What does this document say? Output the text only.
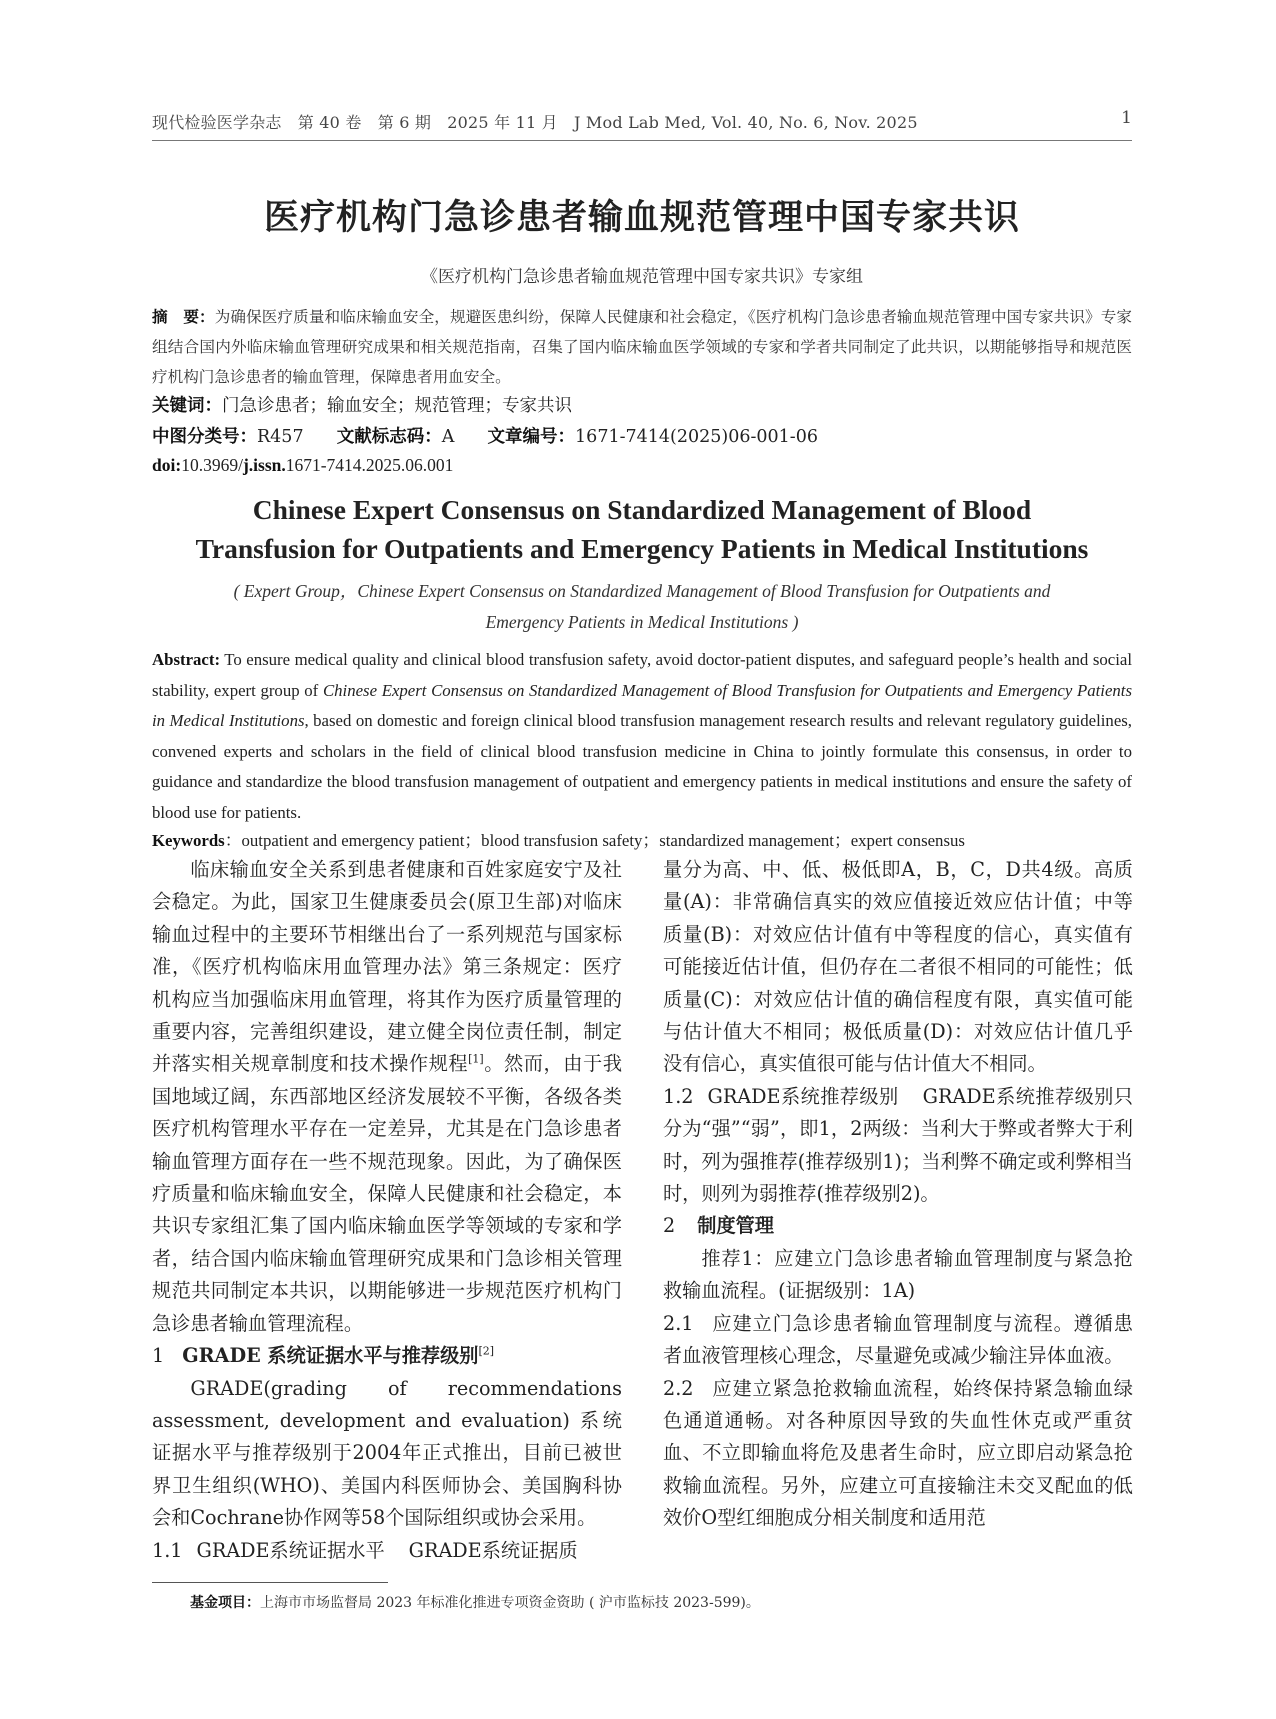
现代检验医学杂志　第 40 卷　第 6 期　2025 年 11 月　J Mod Lab Med, Vol. 40, No. 6, Nov. 2025	1
医疗机构门急诊患者输血规范管理中国专家共识
《医疗机构门急诊患者输血规范管理中国专家共识》专家组
摘　要：为确保医疗质量和临床输血安全，规避医患纠纷，保障人民健康和社会稳定，《医疗机构门急诊患者输血规范管理中国专家共识》专家组结合国内外临床输血管理研究成果和相关规范指南，召集了国内临床输血医学领域的专家和学者共同制定了此共识，以期能够指导和规范医疗机构门急诊患者的输血管理，保障患者用血安全。
关键词：门急诊患者；输血安全；规范管理；专家共识
中图分类号：R457 文献标志码：A 文章编号：1671-7414(2025)06-001-06
doi:10.3969/j.issn.1671-7414.2025.06.001
Chinese Expert Consensus on Standardized Management of Blood
Transfusion for Outpatients and Emergency Patients in Medical Institutions
( Expert Group，Chinese Expert Consensus on Standardized Management of Blood Transfusion for Outpatients and
Emergency Patients in Medical Institutions )
Abstract: To ensure medical quality and clinical blood transfusion safety, avoid doctor-patient disputes, and safeguard people’s health and social stability, expert group of Chinese Expert Consensus on Standardized Management of Blood Transfusion for Outpatients and Emergency Patients in Medical Institutions, based on domestic and foreign clinical blood transfusion management research results and relevant regulatory guidelines, convened experts and scholars in the field of clinical blood transfusion medicine in China to jointly formulate this consensus, in order to guidance and standardize the blood transfusion management of outpatient and emergency patients in medical institutions and ensure the safety of blood use for patients.
Keywords：outpatient and emergency patient；blood transfusion safety；standardized management；expert consensus

临床输血安全关系到患者健康和百姓家庭安宁及社会稳定。为此，国家卫生健康委员会(原卫生部)对临床输血过程中的主要环节相继出台了一系列规范与国家标准，《医疗机构临床用血管理办法》第三条规定：医疗机构应当加强临床用血管理，将其作为医疗质量管理的重要内容，完善组织建设，建立健全岗位责任制，制定并落实相关规章制度和技术操作规程[1]。然而，由于我国地域辽阔，东西部地区经济发展较不平衡，各级各类医疗机构管理水平存在一定差异，尤其是在门急诊患者输血管理方面存在一些不规范现象。因此，为了确保医疗质量和临床输血安全，保障人民健康和社会稳定，本共识专家组汇集了国内临床输血医学等领域的专家和学者，结合国内临床输血管理研究成果和门急诊相关管理规范共同制定本共识，以期能够进一步规范医疗机构门急诊患者输血管理流程。

1 GRADE 系统证据水平与推荐级别[2]

GRADE(grading of recommendations assessment, development and evaluation) 系统证据水平与推荐级别于2004年正式推出，目前已被世界卫生组织(WHO)、美国内科医师协会、美国胸科协会和Cochrane协作网等58个国际组织或协会采用。

1.1 GRADE系统证据水平 GRADE系统证据质

量分为高、中、低、极低即A，B，C，D共4级。高质量(A)：非常确信真实的效应值接近效应估计值；中等质量(B)：对效应估计值有中等程度的信心，真实值有可能接近估计值，但仍存在二者很不相同的可能性；低质量(C)：对效应估计值的确信程度有限，真实值可能与估计值大不相同；极低质量(D)：对效应估计值几乎没有信心，真实值很可能与估计值大不相同。

1.2 GRADE系统推荐级别 GRADE系统推荐级别只分为“强”“弱”，即1，2两级：当利大于弊或者弊大于利时，列为强推荐(推荐级别1)；当利弊不确定或利弊相当时，则列为弱推荐(推荐级别2)。

2 制度管理

推荐1：应建立门急诊患者输血管理制度与紧急抢救输血流程。(证据级别：1A)

2.1 应建立门急诊患者输血管理制度与流程。遵循患者血液管理核心理念，尽量避免或减少输注异体血液。

2.2 应建立紧急抢救输血流程，始终保持紧急输血绿色通道通畅。对各种原因导致的失血性休克或严重贫血、不立即输血将危及患者生命时，应立即启动紧急抢救输血流程。另外，应建立可直接输注未交叉配血的低效价O型红细胞成分相关制度和适用范

基金项目：上海市市场监督局 2023 年标准化推进专项资金资助 ( 沪市监标技 2023-599)。
